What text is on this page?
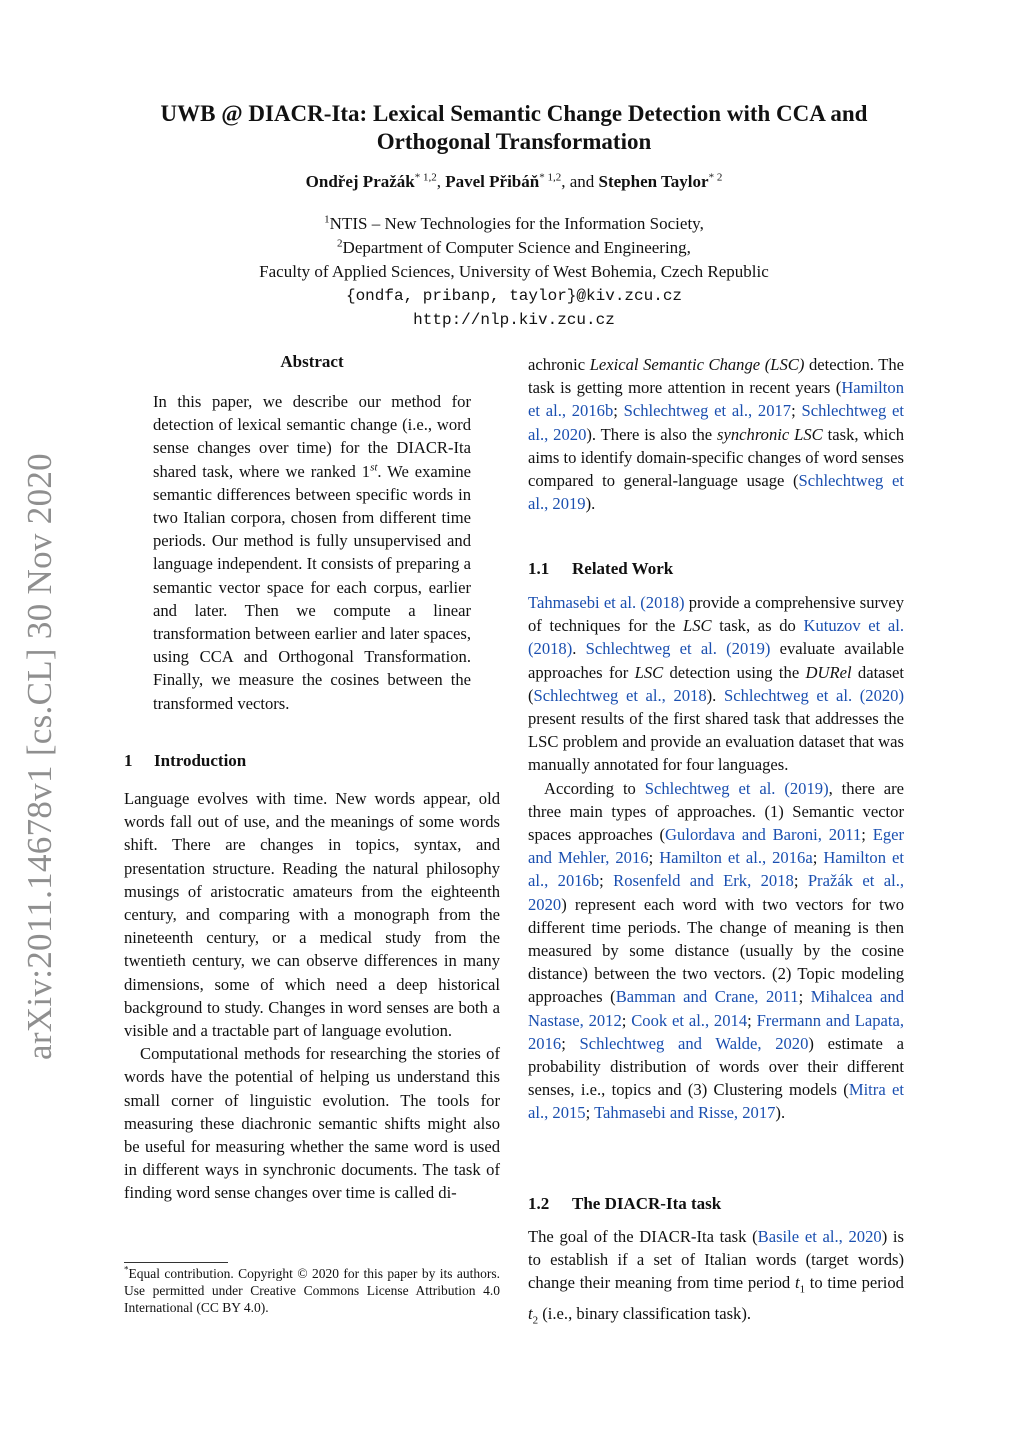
arXiv:2011.14678v1 [cs.CL] 30 Nov 2020
UWB @ DIACR-Ita: Lexical Semantic Change Detection with CCA and
Orthogonal Transformation
Ondřej Pražák$^{* 1,2}$, Pavel Přibáň$^{* 1,2}$, and Stephen Taylor$^{* 2}$
$^1$NTIS – New Technologies for the Information Society,
$^2$Department of Computer Science and Engineering,
Faculty of Applied Sciences, University of West Bohemia, Czech Republic
{ondfa, pribanp, taylor}@kiv.zcu.cz
http://nlp.kiv.zcu.cz
Abstract

In this paper, we describe our method for detection of lexical semantic change (i.e., word sense changes over time) for the DIACR-Ita shared task, where we ranked 1st. We examine semantic differences between specific words in two Italian corpora, chosen from different time periods. Our method is fully unsupervised and language independent. It consists of preparing a semantic vector space for each corpus, earlier and later. Then we compute a linear transformation between earlier and later spaces, using CCA and Orthogonal Transformation. Finally, we measure the cosines between the transformed vectors.

1 Introduction

Language evolves with time. New words appear, old words fall out of use, and the meanings of some words shift. There are changes in topics, syntax, and presentation structure. Reading the natural philosophy musings of aristocratic amateurs from the eighteenth century, and comparing with a monograph from the nineteenth century, or a medical study from the twentieth century, we can observe differences in many dimensions, some of which need a deep historical background to study. Changes in word senses are both a visible and a tractable part of language evolution.

Computational methods for researching the stories of words have the potential of helping us understand this small corner of linguistic evolution. The tools for measuring these diachronic semantic shifts might also be useful for measuring whether the same word is used in different ways in synchronic documents. The task of finding word sense changes over time is called di-

achronic Lexical Semantic Change (LSC) detection. The task is getting more attention in recent years (Hamilton et al., 2016b; Schlechtweg et al., 2017; Schlechtweg et al., 2020). There is also the synchronic LSC task, which aims to identify domain-specific changes of word senses compared to general-language usage (Schlechtweg et al., 2019).

1.1 Related Work

Tahmasebi et al. (2018) provide a comprehensive survey of techniques for the LSC task, as do Kutuzov et al. (2018). Schlechtweg et al. (2019) evaluate available approaches for LSC detection using the DURel dataset (Schlechtweg et al., 2018). Schlechtweg et al. (2020) present results of the first shared task that addresses the LSC problem and provide an evaluation dataset that was manually annotated for four languages.

According to Schlechtweg et al. (2019), there are three main types of approaches. (1) Semantic vector spaces approaches (Gulordava and Baroni, 2011; Eger and Mehler, 2016; Hamilton et al., 2016a; Hamilton et al., 2016b; Rosenfeld and Erk, 2018; Pražák et al., 2020) represent each word with two vectors for two different time periods. The change of meaning is then measured by some distance (usually by the cosine distance) between the two vectors. (2) Topic modeling approaches (Bamman and Crane, 2011; Mihalcea and Nastase, 2012; Cook et al., 2014; Frermann and Lapata, 2016; Schlechtweg and Walde, 2020) estimate a probability distribution of words over their different senses, i.e., topics and (3) Clustering models (Mitra et al., 2015; Tahmasebi and Risse, 2017).

1.2 The DIACR-Ita task

The goal of the DIACR-Ita task (Basile et al., 2020) is to establish if a set of Italian words (target words) change their meaning from time period $t_1$ to time period $t_2$ (i.e., binary classification task).

*Equal contribution. Copyright © 2020 for this paper by its authors. Use permitted under Creative Commons License Attribution 4.0 International (CC BY 4.0).
